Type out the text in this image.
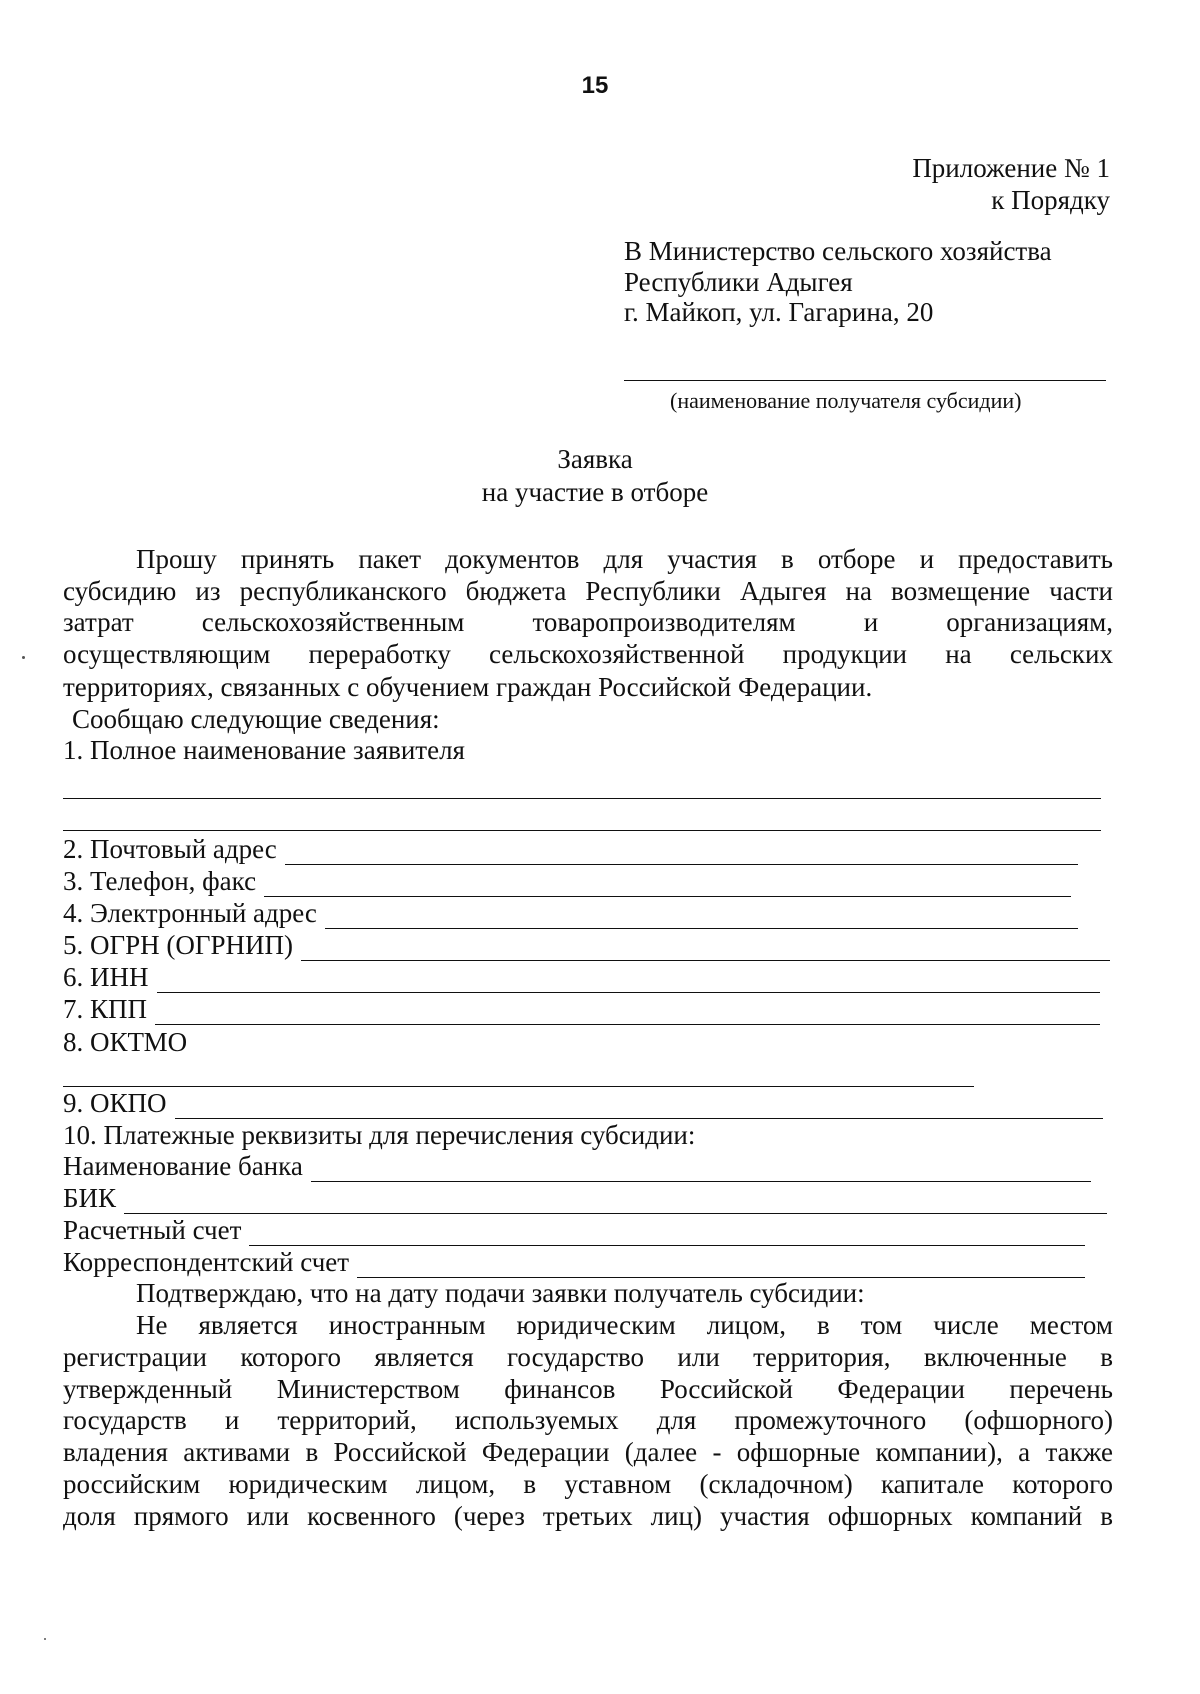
15
Приложение № 1
к Порядку
В Министерство сельского хозяйства
Республики Адыгея
г. Майкоп, ул. Гагарина, 20
(наименование получателя субсидии)
Заявка
на участие в отборе
Прошу принять пакет документов для участия в отборе и предоставить
субсидию из республиканского бюджета Республики Адыгея на возмещение части
затрат сельскохозяйственным товаропроизводителям и организациям,
осуществляющим переработку сельскохозяйственной продукции на сельских
территориях, связанных с обучением граждан Российской Федерации.
Сообщаю следующие сведения:
1. Полное наименование заявителя
2. Почтовый адрес
3. Телефон, факс
4. Электронный адрес
5. ОГРН (ОГРНИП)
6. ИНН
7. КПП
8. ОКТМО
9. ОКПО
10. Платежные реквизиты для перечисления субсидии:
Наименование банка
БИК
Расчетный счет
Корреспондентский счет
Подтверждаю, что на дату подачи заявки получатель субсидии:
Не является иностранным юридическим лицом, в том числе местом
регистрации которого является государство или территория, включенные в
утвержденный Министерством финансов Российской Федерации перечень
государств и территорий, используемых для промежуточного (офшорного)
владения активами в Российской Федерации (далее - офшорные компании), а также
российским юридическим лицом, в уставном (складочном) капитале которого
доля прямого или косвенного (через третьих лиц) участия офшорных компаний в
